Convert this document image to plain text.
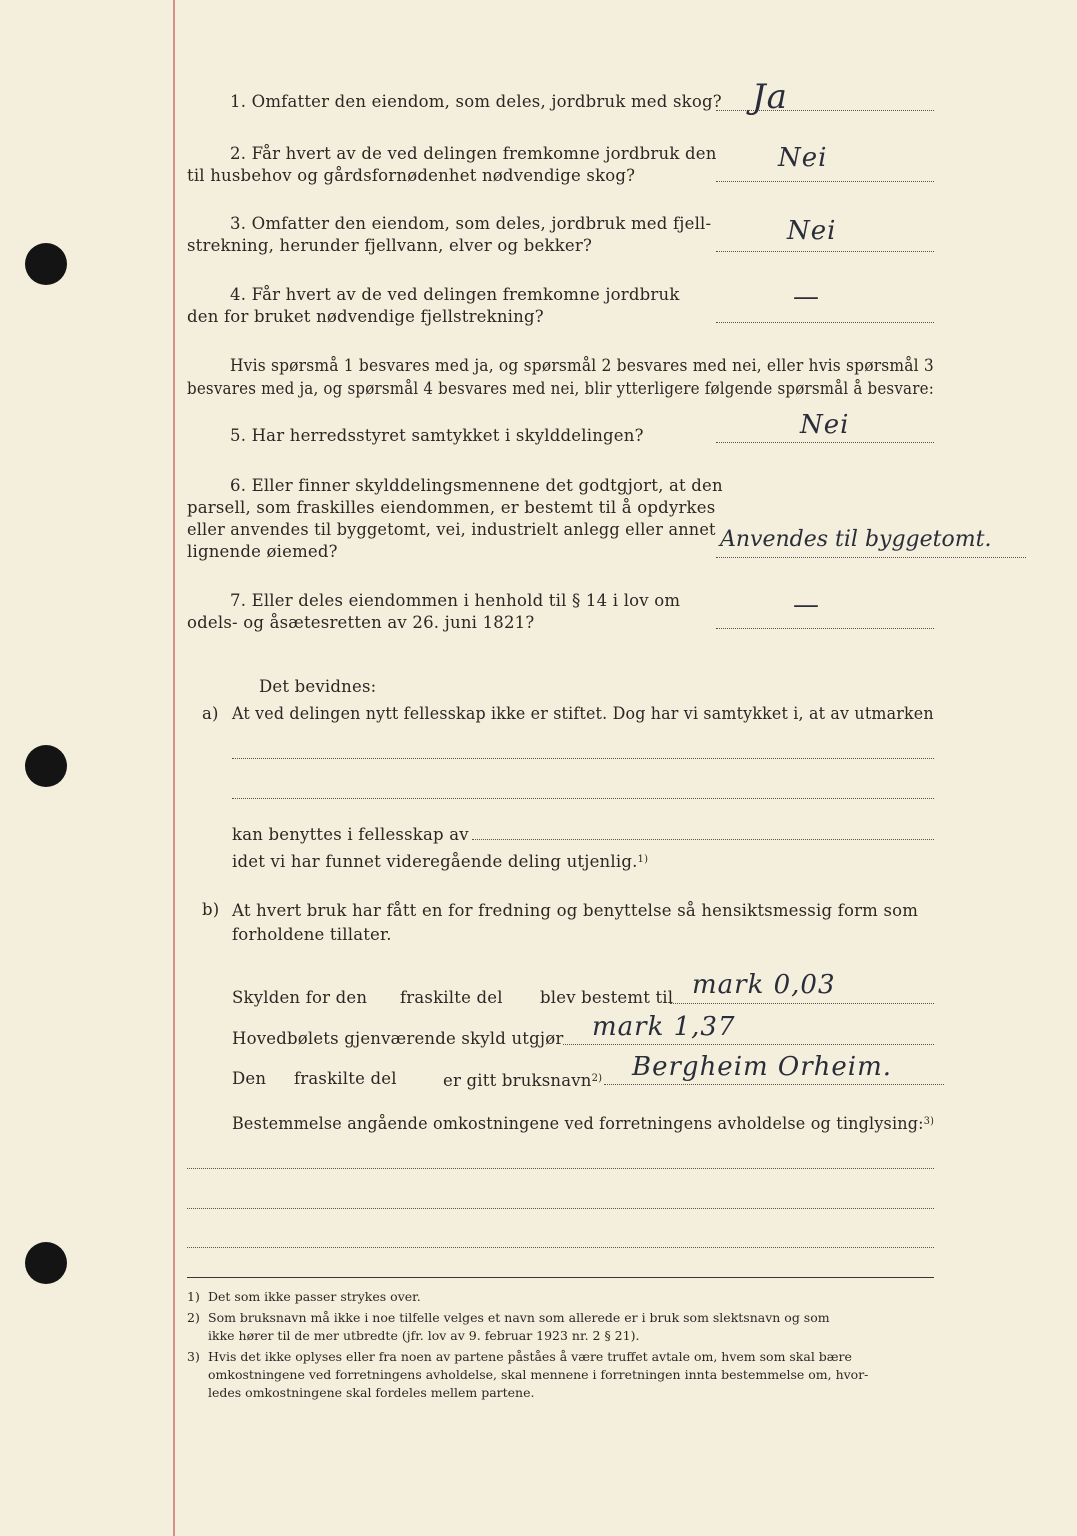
1. Omfatter den eiendom, som deles, jordbruk med skog? Ja
2. Får hvert av de ved delingen fremkomne jordbruk den
til husbehov og gårdsfornødenhet nødvendige skog?
Nei
3. Omfatter den eiendom, som deles, jordbruk med fjell-
strekning, herunder fjellvann, elver og bekker?	Nei
4. Får hvert av de ved delingen fremkomne jordbruk
den for bruket nødvendige fjellstrekning?
—
Hvis spørsmå 1 besvares med ja, og spørsmål 2 besvares med nei, eller hvis spørsmål 3
besvares med ja, og spørsmål 4 besvares med nei, blir ytterligere følgende spørsmål å besvare:
5. Har herredsstyret samtykket i skylddelingen?	Nei
6. Eller finner skylddelingsmennene det godtgjort, at den
parsell, som fraskilles eiendommen, er bestemt til å opdyrkes
eller anvendes til byggetomt, vei, industrielt anlegg eller annet
lignende øiemed?	Anvendes til byggetomt.
7. Eller deles eiendommen i henhold til § 14 i lov om
odels- og åsætesretten av 26. juni 1821?
—
Det bevidnes:
a) At ved delingen nytt fellesskap ikke er stiftet. Dog har vi samtykket i, at av utmarken
kan benyttes i fellesskap av
idet vi har funnet videregående deling utjenlig.$^{1)}$
b) At hvert bruk har fått en for fredning og benyttelse så hensiktsmessig form som
forholdene tillater.
Skylden for den fraskilte del blev bestemt til mark 0,03
Hovedbølets gjenværende skyld utgjør mark 1,37
Den fraskilte del	er gitt bruksnavn$^{2)}$ Bergheim Orheim.
Bestemmelse angående omkostningene ved forretningens avholdelse og tinglysing:$^{3)}$
1) Det som ikke passer strykes over.
2) Som bruksnavn må ikke i noe tilfelle velges et navn som allerede er i bruk som slektsnavn og som
ikke hører til de mer utbredte (jfr. lov av 9. februar 1923 nr. 2 § 21).
3) Hvis det ikke oplyses eller fra noen av partene påståes å være truffet avtale om, hvem som skal bære
omkostningene ved forretningens avholdelse, skal mennene i forretningen innta bestemmelse om, hvor-
ledes omkostningene skal fordeles mellem partene.
